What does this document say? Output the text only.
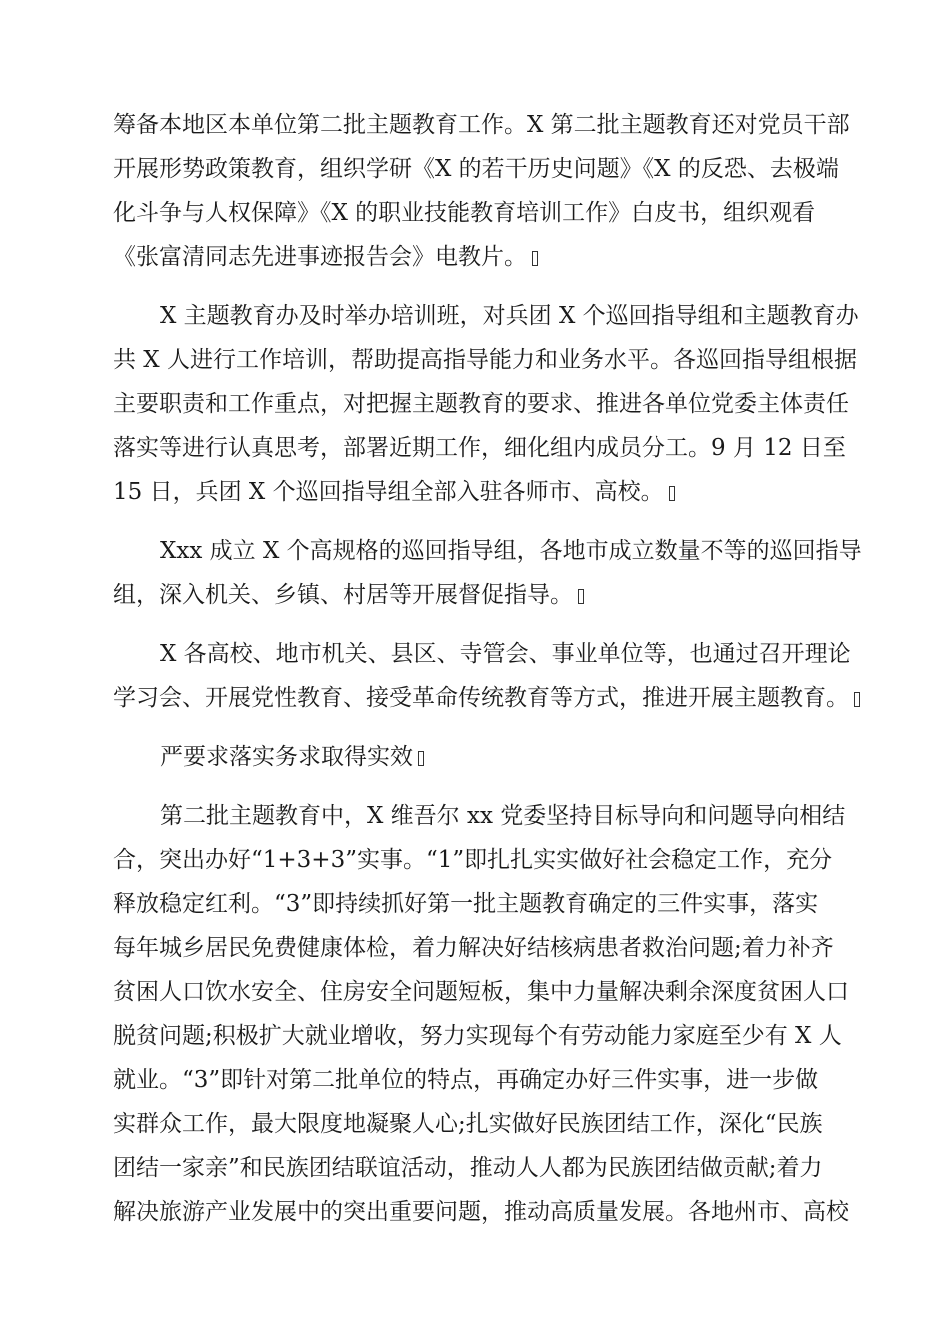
筹备本地区本单位第二批主题教育工作。X 第二批主题教育还对党员干部

开展形势政策教育，组织学研《X 的若干历史问题》《X 的反恐、去极端

化斗争与人权保障》《X 的职业技能教育培训工作》白皮书，组织观看

《张富清同志先进事迹报告会》电教片。

X 主题教育办及时举办培训班，对兵团 X 个巡回指导组和主题教育办

共 X 人进行工作培训，帮助提高指导能力和业务水平。各巡回指导组根据

主要职责和工作重点，对把握主题教育的要求、推进各单位党委主体责任

落实等进行认真思考，部署近期工作，细化组内成员分工。9 月 12 日至

15 日，兵团 X 个巡回指导组全部入驻各师市、高校。

Xxx 成立 X 个高规格的巡回指导组，各地市成立数量不等的巡回指导

组，深入机关、乡镇、村居等开展督促指导。

X 各高校、地市机关、县区、寺管会、事业单位等，也通过召开理论

学习会、开展党性教育、接受革命传统教育等方式，推进开展主题教育。

严要求落实务求取得实效

第二批主题教育中，X 维吾尔 xx 党委坚持目标导向和问题导向相结

合，突出办好“1+3+3”实事。“1”即扎扎实实做好社会稳定工作，充分

释放稳定红利。“3”即持续抓好第一批主题教育确定的三件实事，落实

每年城乡居民免费健康体检，着力解决好结核病患者救治问题;着力补齐

贫困人口饮水安全、住房安全问题短板，集中力量解决剩余深度贫困人口

脱贫问题;积极扩大就业增收，努力实现每个有劳动能力家庭至少有 X 人

就业。“3”即针对第二批单位的特点，再确定办好三件实事，进一步做

实群众工作，最大限度地凝聚人心;扎实做好民族团结工作，深化“民族

团结一家亲”和民族团结联谊活动，推动人人都为民族团结做贡献;着力

解决旅游产业发展中的突出重要问题，推动高质量发展。各地州市、高校
